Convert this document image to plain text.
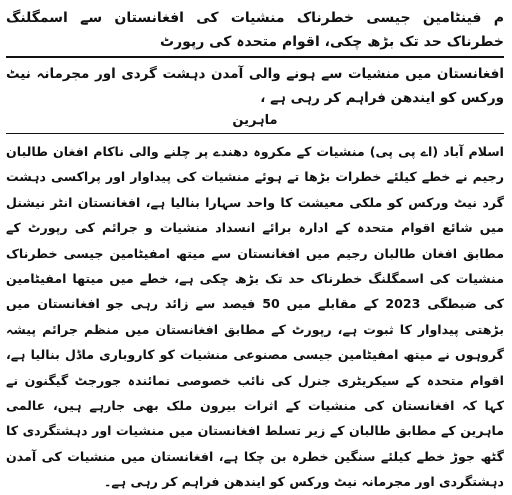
م فینٹامین جیسی خطرناک منشیات کی افغانستان سے اسمگلنگ خطرناک حد تک بڑھ چکی، اقوام متحدہ کی رپورٹ

افغانستان میں منشیات سے ہونے والی آمدن دہشت گردی اور مجرمانہ نیٹ ورکس کو ایندھن فراہم کر رہی ہے ،

ماہرین

اسلام آباد (اے پی پی) منشیات کے مکروہ دھندے پر چلنے والی ناکام افغان طالبان رجیم نے خطے کیلئے خطرات بڑھا تے ہوئے منشیات کی پیداوار اور پراکسی دہشت گرد نیٹ ورکس کو ملکی معیشت کا واحد سہارا بنالیا ہے، افغانستان انٹر نیشنل میں شائع اقوام متحدہ کے ادارہ برائے انسداد منشیات و جرائم کی رپورٹ کے مطابق افغان طالبان رجیم میں افغانستان سے میتھ امفیٹامین جیسی خطرناک منشیات کی اسمگلنگ خطرناک حد تک بڑھ چکی ہے، خطے میں میتھا امفیٹامین کی ضبطگی 2023 کے مقابلے میں 50 فیصد سے زائد رہی جو افغانستان میں بڑھتی پیداوار کا ثبوت ہے، رپورٹ کے مطابق افغانستان میں منظم جرائم پیشہ گروہوں نے میتھ امفیٹامین جیسی مصنوعی منشیات کو کاروباری ماڈل بنالیا ہے، اقوام متحدہ کے سیکریٹری جنرل کی نائب خصوصی نمائندہ جورجٹ گیگنون نے کہا کہ افغانستان کی منشیات کے اثرات بیرون ملک بھی جارہے ہیں، عالمی ماہرین کے مطابق طالبان کے زیر تسلط افغانستان میں منشیات اور دہشتگردی کا گٹھ جوڑ خطے کیلئے سنگین خطرہ بن چکا ہے، افغانستان میں منشیات کی آمدن دہشتگردی اور مجرمانہ نیٹ ورکس کو ایندھن فراہم کر رہی ہے۔
